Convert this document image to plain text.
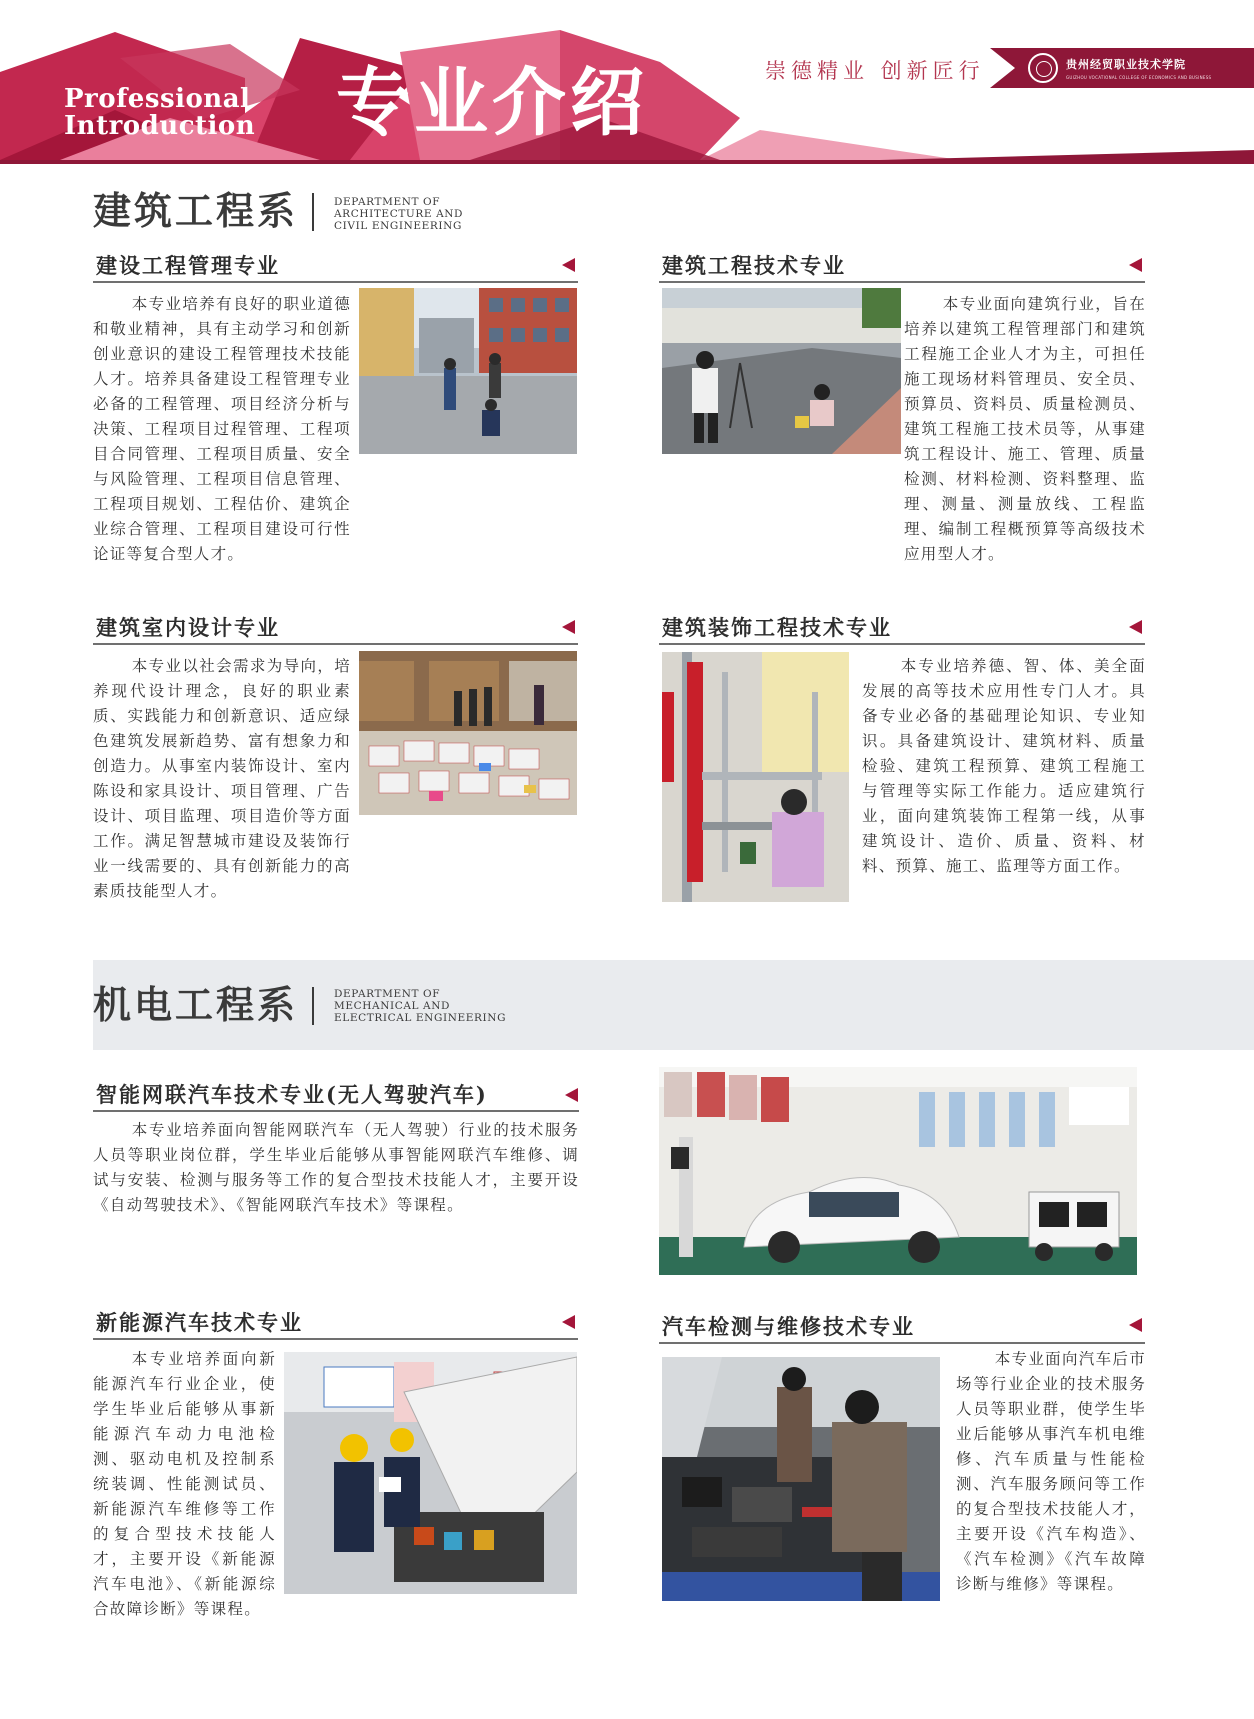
Professional
Introduction 专业介绍	崇德精业 创新匠行	贵州经贸职业技术学院
GUIZHOU VOCATIONAL COLLEGE OF ECONOMICS AND BUSINESS
建筑工程系	DEPARTMENT OF
ARCHITECTURE AND
CIVIL ENGINEERING
建设工程管理专业
本专业培养有良好的职业道德和敬业精神，具有主动学习和创新创业意识的建设工程管理技术技能人才。培养具备建设工程管理专业必备的工程管理、项目经济分析与决策、工程项目过程管理、工程项目合同管理、工程项目质量、安全与风险管理、工程项目信息管理、工程项目规划、工程估价、建筑企业综合管理、工程项目建设可行性论证等复合型人才。
建筑工程技术专业
本专业面向建筑行业，旨在培养以建筑工程管理部门和建筑工程施工企业人才为主，可担任施工现场材料管理员、安全员、预算员、资料员、质量检测员、建筑工程施工技术员等，从事建筑工程设计、施工、管理、质量检测、材料检测、资料整理、监理、测量、测量放线、工程监理、编制工程概预算等高级技术应用型人才。
建筑室内设计专业
本专业以社会需求为导向，培养现代设计理念，良好的职业素质、实践能力和创新意识、适应绿色建筑发展新趋势、富有想象力和创造力。从事室内装饰设计、室内陈设和家具设计、项目管理、广告设计、项目监理、项目造价等方面工作。满足智慧城市建设及装饰行业一线需要的、具有创新能力的高素质技能型人才。
建筑装饰工程技术专业
本专业培养德、智、体、美全面发展的高等技术应用性专门人才。具备专业必备的基础理论知识、专业知识。具备建筑设计、建筑材料、质量检验、建筑工程预算、建筑工程施工与管理等实际工作能力。适应建筑行业，面向建筑装饰工程第一线，从事建筑设计、造价、质量、资料、材料、预算、施工、监理等方面工作。
机电工程系	DEPARTMENT OF
MECHANICAL AND
ELECTRICAL ENGINEERING
智能网联汽车技术专业(无人驾驶汽车)
本专业培养面向智能网联汽车（无人驾驶）行业的技术服务人员等职业岗位群，学生毕业后能够从事智能网联汽车维修、调试与安装、检测与服务等工作的复合型技术技能人才，主要开设《自动驾驶技术》、《智能网联汽车技术》等课程。
新能源汽车技术专业
本专业培养面向新能源汽车行业企业，使学生毕业后能够从事新能源汽车动力电池检测、驱动电机及控制系统装调、性能测试员、新能源汽车维修等工作的复合型技术技能人才，主要开设《新能源汽车电池》、《新能源综合故障诊断》等课程。
汽车检测与维修技术专业
本专业面向汽车后市场等行业企业的技术服务人员等职业群，使学生毕业后能够从事汽车机电维修、汽车质量与性能检测、汽车服务顾问等工作的复合型技术技能人才，主要开设《汽车构造》、《汽车检测》《汽车故障诊断与维修》等课程。
